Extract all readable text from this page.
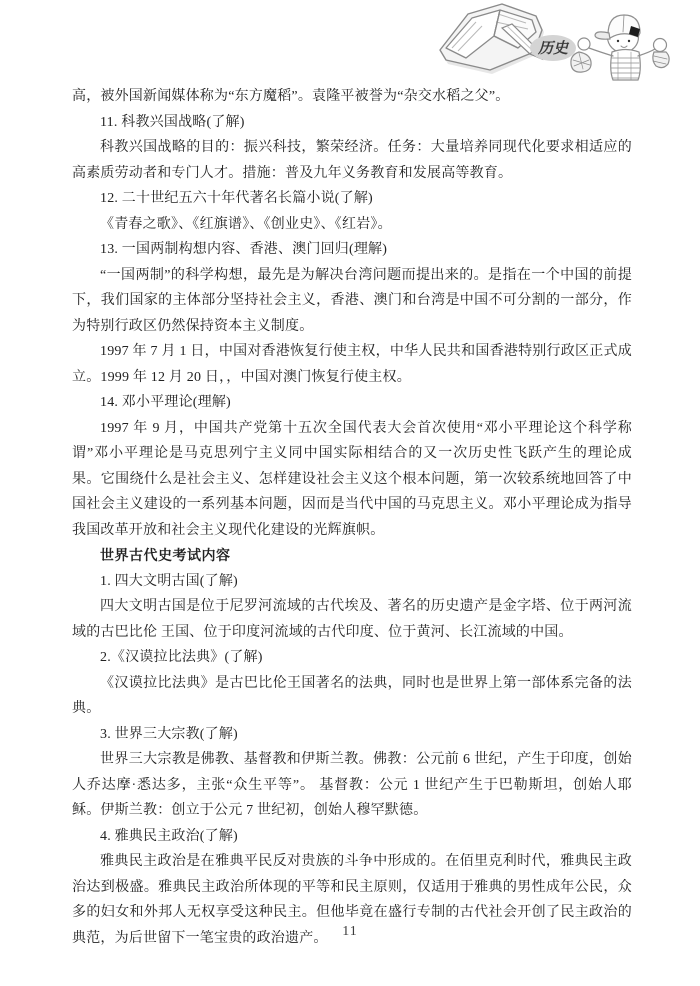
历史

高，被外国新闻媒体称为“东方魔稻”。袁隆平被誉为“杂交水稻之父”。

11. 科教兴国战略(了解)

科教兴国战略的目的：振兴科技，繁荣经济。任务：大量培养同现代化要求相适应的高素质劳动者和专门人才。措施：普及九年义务教育和发展高等教育。

12. 二十世纪五六十年代著名长篇小说(了解)

《青春之歌》、《红旗谱》、《创业史》、《红岩》。

13. 一国两制构想内容、香港、澳门回归(理解)

“一国两制”的科学构想，最先是为解决台湾问题而提出来的。是指在一个中国的前提下，我们国家的主体部分坚持社会主义，香港、澳门和台湾是中国不可分割的一部分，作为特别行政区仍然保持资本主义制度。

1997 年 7 月 1 日，中国对香港恢复行使主权，中华人民共和国香港特别行政区正式成立。1999 年 12 月 20 日，，中国对澳门恢复行使主权。

14. 邓小平理论(理解)

1997 年 9 月，中国共产党第十五次全国代表大会首次使用“邓小平理论这个科学称谓”邓小平理论是马克思列宁主义同中国实际相结合的又一次历史性飞跃产生的理论成果。它围绕什么是社会主义、怎样建设社会主义这个根本问题，第一次较系统地回答了中国社会主义建设的一系列基本问题，因而是当代中国的马克思主义。邓小平理论成为指导我国改革开放和社会主义现代化建设的光辉旗帜。

世界古代史考试内容

1. 四大文明古国(了解)

四大文明古国是位于尼罗河流域的古代埃及、著名的历史遗产是金字塔、位于两河流域的古巴比伦 王国、位于印度河流域的古代印度、位于黄河、长江流域的中国。

2.《汉谟拉比法典》(了解)

《汉谟拉比法典》是古巴比伦王国著名的法典，同时也是世界上第一部体系完备的法典。

3. 世界三大宗教(了解)

世界三大宗教是佛教、基督教和伊斯兰教。佛教：公元前 6 世纪，产生于印度，创始人乔达摩·悉达多，主张“众生平等”。 基督教：公元 1 世纪产生于巴勒斯坦，创始人耶稣。伊斯兰教：创立于公元 7 世纪初，创始人穆罕默德。

4. 雅典民主政治(了解)

雅典民主政治是在雅典平民反对贵族的斗争中形成的。在佰里克利时代，雅典民主政治达到极盛。雅典民主政治所体现的平等和民主原则，仅适用于雅典的男性成年公民，众多的妇女和外邦人无权享受这种民主。但他毕竟在盛行专制的古代社会开创了民主政治的典范，为后世留下一笔宝贵的政治遗产。	11
